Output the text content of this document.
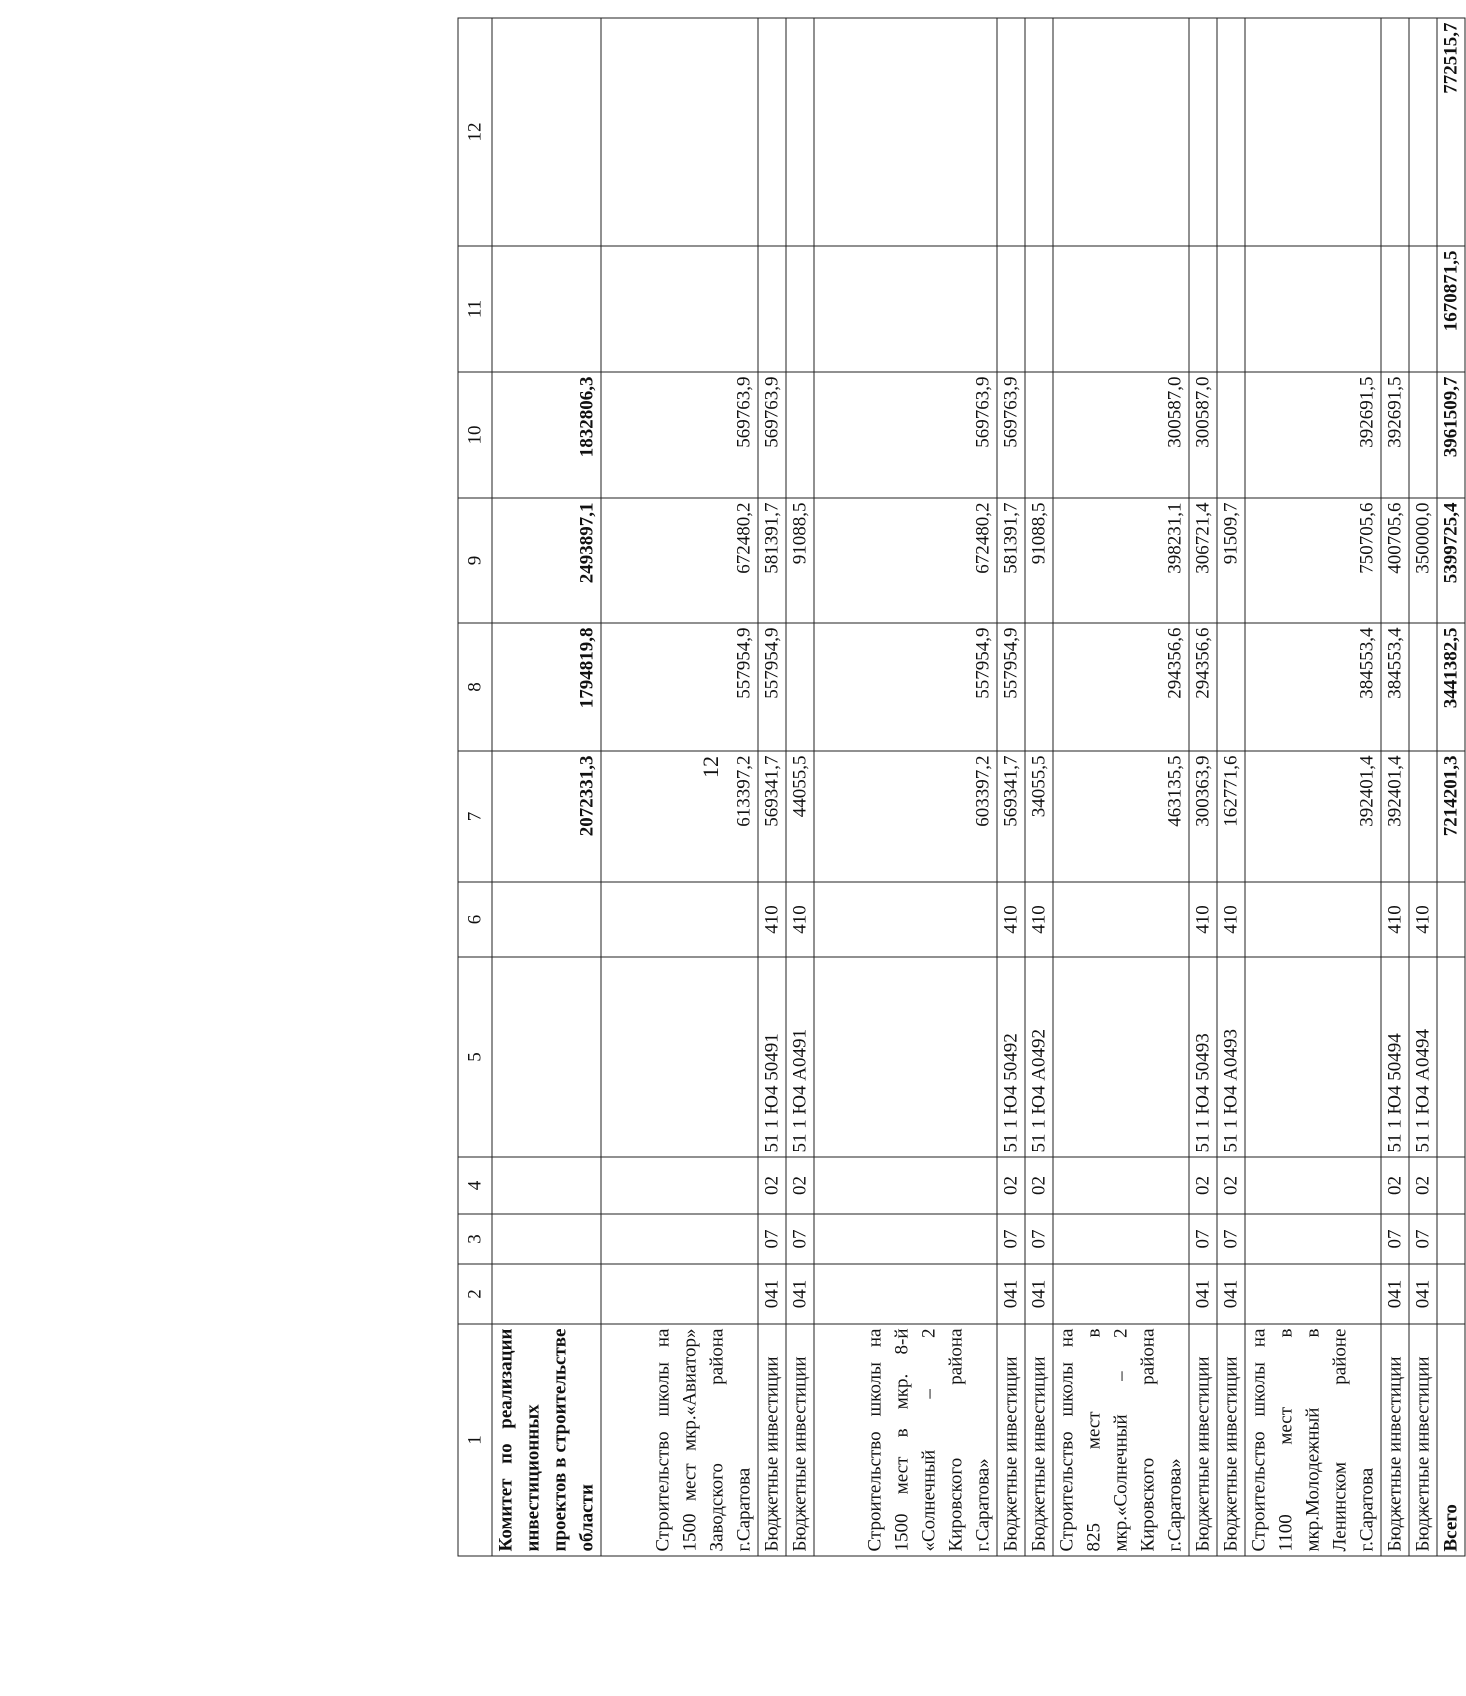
12
1	2	3	4	5	6	7	8	9	10	11	12
Комитет по реализации инвестиционных проектов в строительстве области						2072331,3	1794819,8	2493897,1	1832806,3		
Строительство школы на 1500 мест мкр.«Авиатор» Заводского района г.Саратова						613397,2	557954,9	672480,2	569763,9		
Бюджетные инвестиции	041	07	02	51 1 Ю4 50491	410	569341,7	557954,9	581391,7	569763,9		
Бюджетные инвестиции	041	07	02	51 1 Ю4 А0491	410	44055,5		91088,5			
Строительство школы на 1500 мест в мкр. 8-й «Солнечный – 2 Кировского района г.Саратова»						603397,2	557954,9	672480,2	569763,9		
Бюджетные инвестиции	041	07	02	51 1 Ю4 50492	410	569341,7	557954,9	581391,7	569763,9		
Бюджетные инвестиции	041	07	02	51 1 Ю4 А0492	410	34055,5		91088,5			
Строительство школы на 825 мест в мкр.«Солнечный – 2 Кировского района г.Саратова»						463135,5	294356,6	398231,1	300587,0		
Бюджетные инвестиции	041	07	02	51 1 Ю4 50493	410	300363,9	294356,6	306721,4	300587,0		
Бюджетные инвестиции	041	07	02	51 1 Ю4 А0493	410	162771,6		91509,7			
Строительство школы на 1100 мест в мкр.Молодежный в Ленинском районе г.Саратова						392401,4	384553,4	750705,6	392691,5		
Бюджетные инвестиции	041	07	02	51 1 Ю4 50494	410	392401,4	384553,4	400705,6	392691,5		
Бюджетные инвестиции	041	07	02	51 1 Ю4 А0494	410			350000,0			
Всего						7214201,3	3441382,5	5399725,4	3961509,7	1670871,5	772515,7
